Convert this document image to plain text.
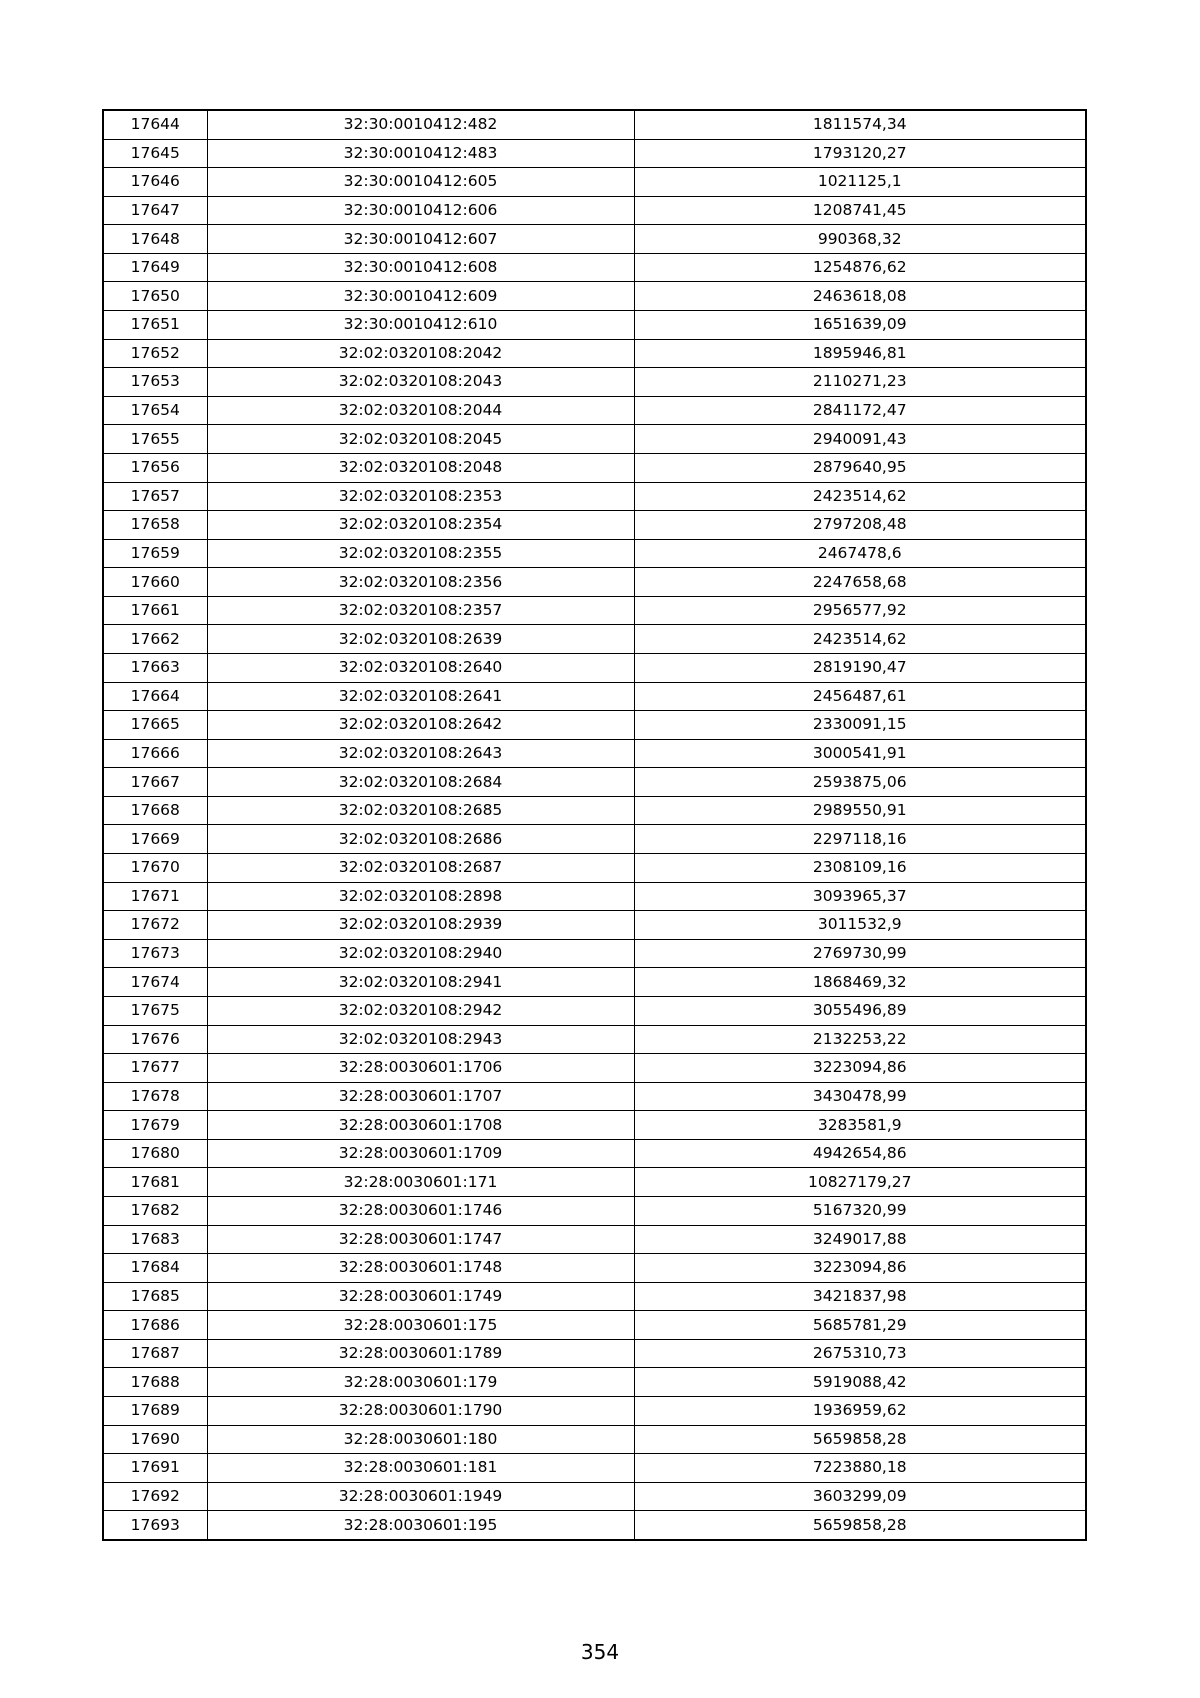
17644	32:30:0010412:482	1811574,34
17645	32:30:0010412:483	1793120,27
17646	32:30:0010412:605	1021125,1
17647	32:30:0010412:606	1208741,45
17648	32:30:0010412:607	990368,32
17649	32:30:0010412:608	1254876,62
17650	32:30:0010412:609	2463618,08
17651	32:30:0010412:610	1651639,09
17652	32:02:0320108:2042	1895946,81
17653	32:02:0320108:2043	2110271,23
17654	32:02:0320108:2044	2841172,47
17655	32:02:0320108:2045	2940091,43
17656	32:02:0320108:2048	2879640,95
17657	32:02:0320108:2353	2423514,62
17658	32:02:0320108:2354	2797208,48
17659	32:02:0320108:2355	2467478,6
17660	32:02:0320108:2356	2247658,68
17661	32:02:0320108:2357	2956577,92
17662	32:02:0320108:2639	2423514,62
17663	32:02:0320108:2640	2819190,47
17664	32:02:0320108:2641	2456487,61
17665	32:02:0320108:2642	2330091,15
17666	32:02:0320108:2643	3000541,91
17667	32:02:0320108:2684	2593875,06
17668	32:02:0320108:2685	2989550,91
17669	32:02:0320108:2686	2297118,16
17670	32:02:0320108:2687	2308109,16
17671	32:02:0320108:2898	3093965,37
17672	32:02:0320108:2939	3011532,9
17673	32:02:0320108:2940	2769730,99
17674	32:02:0320108:2941	1868469,32
17675	32:02:0320108:2942	3055496,89
17676	32:02:0320108:2943	2132253,22
17677	32:28:0030601:1706	3223094,86
17678	32:28:0030601:1707	3430478,99
17679	32:28:0030601:1708	3283581,9
17680	32:28:0030601:1709	4942654,86
17681	32:28:0030601:171	10827179,27
17682	32:28:0030601:1746	5167320,99
17683	32:28:0030601:1747	3249017,88
17684	32:28:0030601:1748	3223094,86
17685	32:28:0030601:1749	3421837,98
17686	32:28:0030601:175	5685781,29
17687	32:28:0030601:1789	2675310,73
17688	32:28:0030601:179	5919088,42
17689	32:28:0030601:1790	1936959,62
17690	32:28:0030601:180	5659858,28
17691	32:28:0030601:181	7223880,18
17692	32:28:0030601:1949	3603299,09
17693	32:28:0030601:195	5659858,28
354
